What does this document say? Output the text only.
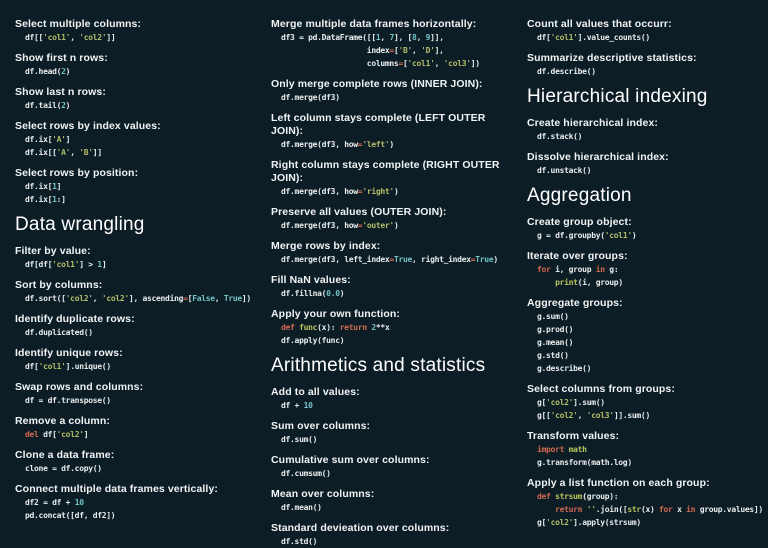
Select multiple columns:
df[['col1', 'col2']]
Show first n rows:
df.head(2)
Show last n rows:
df.tail(2)
Select rows by index values:
df.ix['A']
df.ix[['A', 'B']]
Select rows by position:
df.ix[1]
df.ix[1:]
Data wrangling
Filter by value:
df[df['col1'] > 1]
Sort by columns:
df.sort(['col2', 'col2'], ascending=[False, True])
Identify duplicate rows:
df.duplicated()
Identify unique rows:
df['col1'].unique()
Swap rows and columns:
df = df.transpose()
Remove a column:
del df['col2']
Clone a data frame:
clone = df.copy()
Connect multiple data frames vertically:
df2 = df + 10
pd.concat([df, df2])
Merge multiple data frames horizontally:
df3 = pd.DataFrame([[1, 7], [8, 9]],
index=['B', 'D'],
columns=['col1', 'col3'])
Only merge complete rows (INNER JOIN):
df.merge(df3)
Left column stays complete (LEFT OUTER JOIN):
df.merge(df3, how='left')
Right column stays complete (RIGHT OUTER JOIN):
df.merge(df3, how='right')
Preserve all values (OUTER JOIN):
df.merge(df3, how='outer')
Merge rows by index:
df.merge(df3, left_index=True, right_index=True)
Fill NaN values:
df.fillna(0.0)
Apply your own function:
def func(x): return 2**x
df.apply(func)
Arithmetics and statistics
Add to all values:
df + 10
Sum over columns:
df.sum()
Cumulative sum over columns:
df.cumsum()
Mean over columns:
df.mean()
Standard devieation over columns:
df.std()
Count all values that occurr:
df['col1'].value_counts()
Summarize descriptive statistics:
df.describe()
Hierarchical indexing
Create hierarchical index:
df.stack()
Dissolve hierarchical index:
df.unstack()
Aggregation
Create group object:
g = df.groupby('col1')
Iterate over groups:
for i, group in g:
print(i, group)
Aggregate groups:
g.sum()
g.prod()
g.mean()
g.std()
g.describe()
Select columns from groups:
g['col2'].sum()
g[['col2', 'col3']].sum()
Transform values:
import math
g.transform(math.log)
Apply a list function on each group:
def strsum(group):
return ''.join([str(x) for x in group.values])
g['col2'].apply(strsum)
